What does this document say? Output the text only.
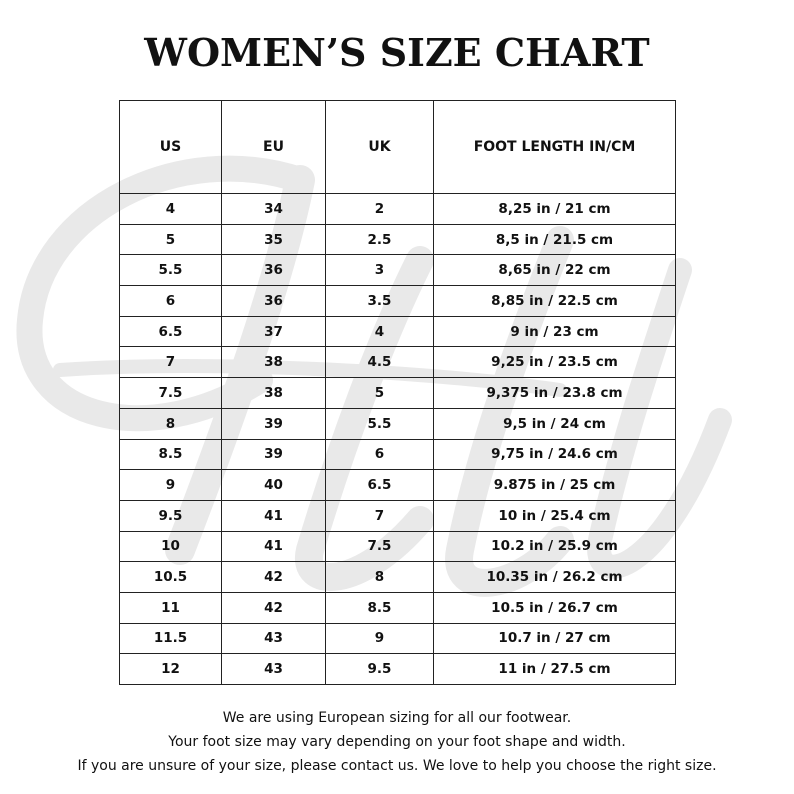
WOMEN’S SIZE CHART
US	EU	UK	FOOT LENGTH IN/CM
4	34	2	8,25 in / 21 cm
5	35	2.5	8,5 in / 21.5 cm
5.5	36	3	8,65 in / 22 cm
6	36	3.5	8,85 in / 22.5 cm
6.5	37	4	9 in / 23 cm
7	38	4.5	9,25 in / 23.5 cm
7.5	38	5	9,375 in / 23.8 cm
8	39	5.5	9,5 in / 24 cm
8.5	39	6	9,75 in / 24.6 cm
9	40	6.5	9.875 in / 25 cm
9.5	41	7	10 in / 25.4 cm
10	41	7.5	10.2 in / 25.9 cm
10.5	42	8	10.35 in / 26.2 cm
11	42	8.5	10.5 in / 26.7 cm
11.5	43	9	10.7 in / 27 cm
12	43	9.5	11 in / 27.5 cm
We are using European sizing for all our footwear.
Your foot size may vary depending on your foot shape and width.
If you are unsure of your size, please contact us. We love to help you choose the right size.
